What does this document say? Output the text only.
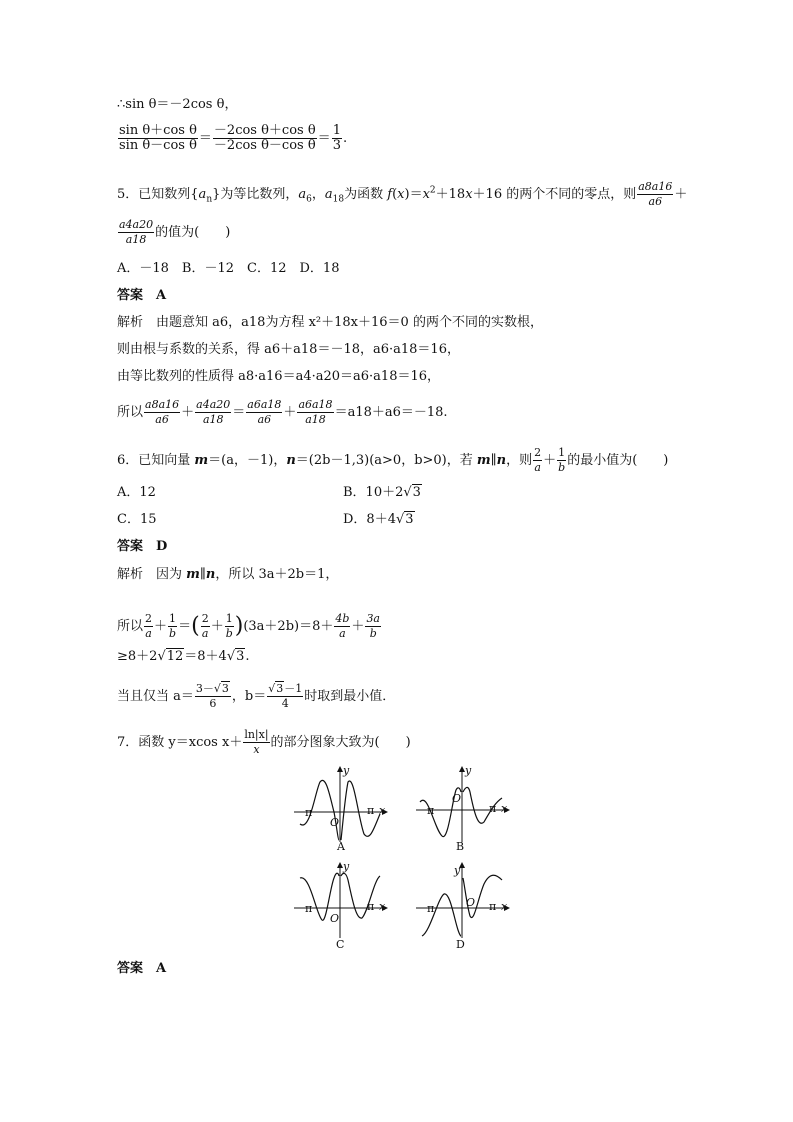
∴sin θ＝－2cos θ，
$\frac{\text{sin θ＋cos θ}}{\text{sin θ－cos θ}} = \frac{\text{－2cos θ＋cos θ}}{\text{－2cos θ－cos θ}} = \frac{1}{3}$ .
5．已知数列$\{a_n\}$为等比数列，$a_6$，$a_{18}$为函数 $f(x)=x^2+18x+16$ 的两个不同的零点，则 $\frac{a8a16}{a6}$ ＋
$\frac{a4a20}{a18}$ 的值为(　　)
A．－18　B．－12　C．12　D．18
答案　A
解析　由题意知 a6，a18为方程 x²＋18x＋16＝0 的两个不同的实数根，
则由根与系数的关系，得 a6＋a18＝－18，a6·a18＝16，
由等比数列的性质得 a8·a16＝a4·a20＝a6·a18＝16，
所以 $\frac{a8a16}{a6} + \frac{a4a20}{a18} = \frac{a6a18}{a6} + \frac{a6a18}{a18} =a18+a6=-18$.
6．已知向量 m＝(a，－1)，n＝(2b－1,3)(a>0，b>0)，若 m∥n，则 $\frac{2}{a} + \frac{1}{b}$ 的最小值为(　　)
A．12	B．10＋2√3
C．15	D．8＋4√3
答案　D
解析　因为 m∥n，所以 3a＋2b＝1，
所以 $\frac{2}{a} + \frac{1}{b}$ ＝( $\frac{2}{a} + \frac{1}{b} )(3a+2b)=8+ \frac{4b}{a} + \frac{3a}{b}$
≥8＋2√12＝8＋4√3.
当且仅当 $a= \frac{3-√3}{6}$ ，$b= \frac{√3-1}{4}$ 时取到最小值．
7．函数 y＝xcos $x+ \frac{\ln|x|}{x}$ 的部分图象大致为(　　)
y
O
x
－π	π
A
y
O
x
－π	π
B
y
O
x
－π	π
C
y
O x
－π	π
D
答案　A
